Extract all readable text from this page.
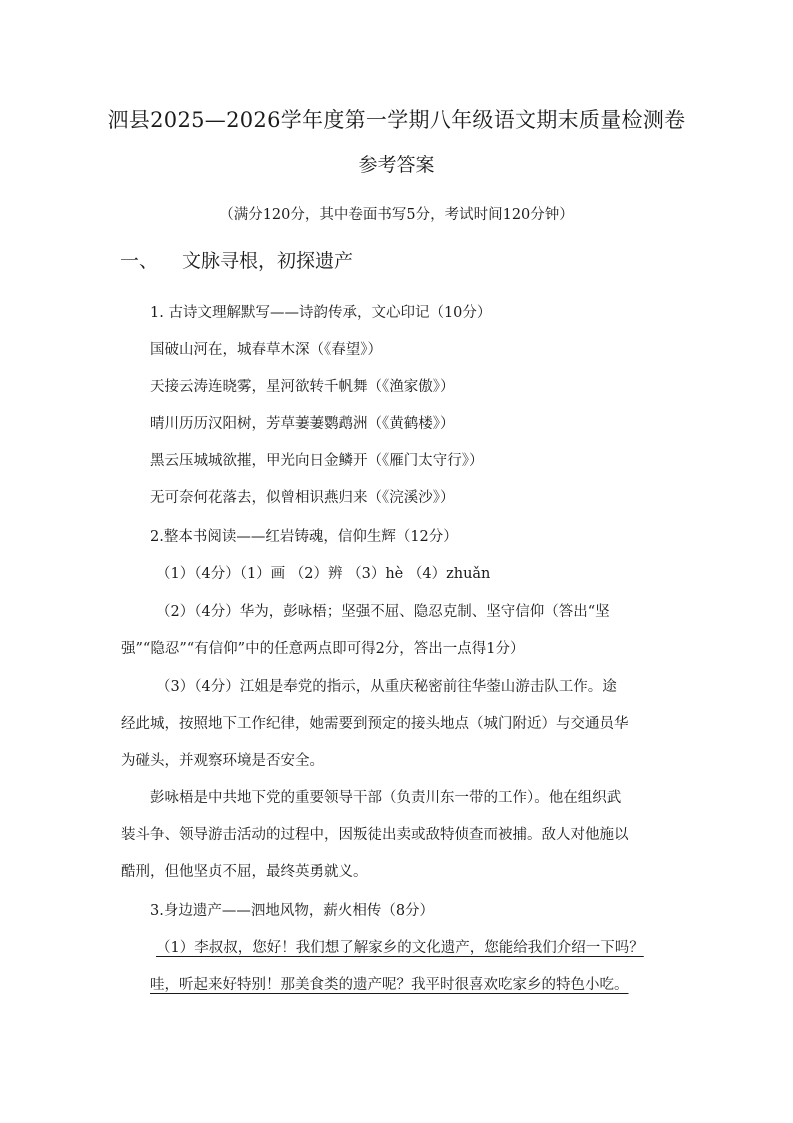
泗县2025—2026学年度第一学期八年级语文期末质量检测卷
参考答案
（满分120分，其中卷面书写5分，考试时间120分钟）
一、 文脉寻根，初探遗产
1. 古诗文理解默写——诗韵传承，文心印记（10分）
国破山河在，城春草木深（《春望》）
天接云涛连晓雾，星河欲转千帆舞（《渔家傲》）
晴川历历汉阳树，芳草萋萋鹦鹉洲（《黄鹤楼》）
黑云压城城欲摧，甲光向日金鳞开（《雁门太守行》）
无可奈何花落去，似曾相识燕归来（《浣溪沙》）
2.整本书阅读——红岩铸魂，信仰生辉（12分）
（1）（4分）（1）画 （2）辨 （3）hè （4）zhuǎn
（2）（4分）华为，彭咏梧；坚强不屈、隐忍克制、坚守信仰（答出“坚
强”“隐忍”“有信仰”中的任意两点即可得2分，答出一点得1分）
（3）（4分）江姐是奉党的指示，从重庆秘密前往华蓥山游击队工作。途
经此城，按照地下工作纪律，她需要到预定的接头地点（城门附近）与交通员华
为碰头，并观察环境是否安全。
彭咏梧是中共地下党的重要领导干部（负责川东一带的工作）。他在组织武
装斗争、领导游击活动的过程中，因叛徒出卖或敌特侦查而被捕。敌人对他施以
酷刑，但他坚贞不屈，最终英勇就义。
3.身边遗产——泗地风物，薪火相传（8分）
（1）李叔叔，您好！我们想了解家乡的文化遗产，您能给我们介绍一下吗？
哇，听起来好特别！那美食类的遗产呢？我平时很喜欢吃家乡的特色小吃。
